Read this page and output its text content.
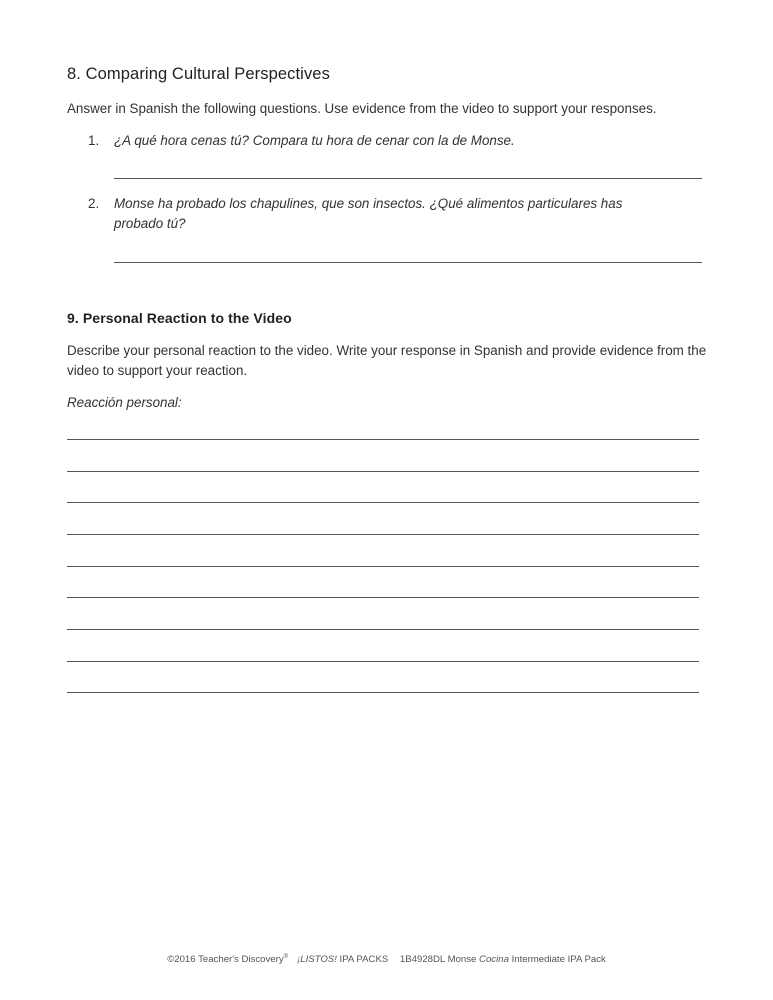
8. Comparing Cultural Perspectives

Answer in Spanish the following questions. Use evidence from the video to support your responses.

1. ¿A qué hora cenas tú? Compara tu hora de cenar con la de Monse.
2. Monse ha probado los chapulines, que son insectos. ¿Qué alimentos particulares has probado tú?
9. Personal Reaction to the Video

Describe your personal reaction to the video. Write your response in Spanish and provide evidence from the video to support your reaction.

Reacción personal:
©2016 Teacher's Discovery® ¡LISTOS! IPA PACKS 1B4928DL Monse Cocina Intermediate IPA Pack
